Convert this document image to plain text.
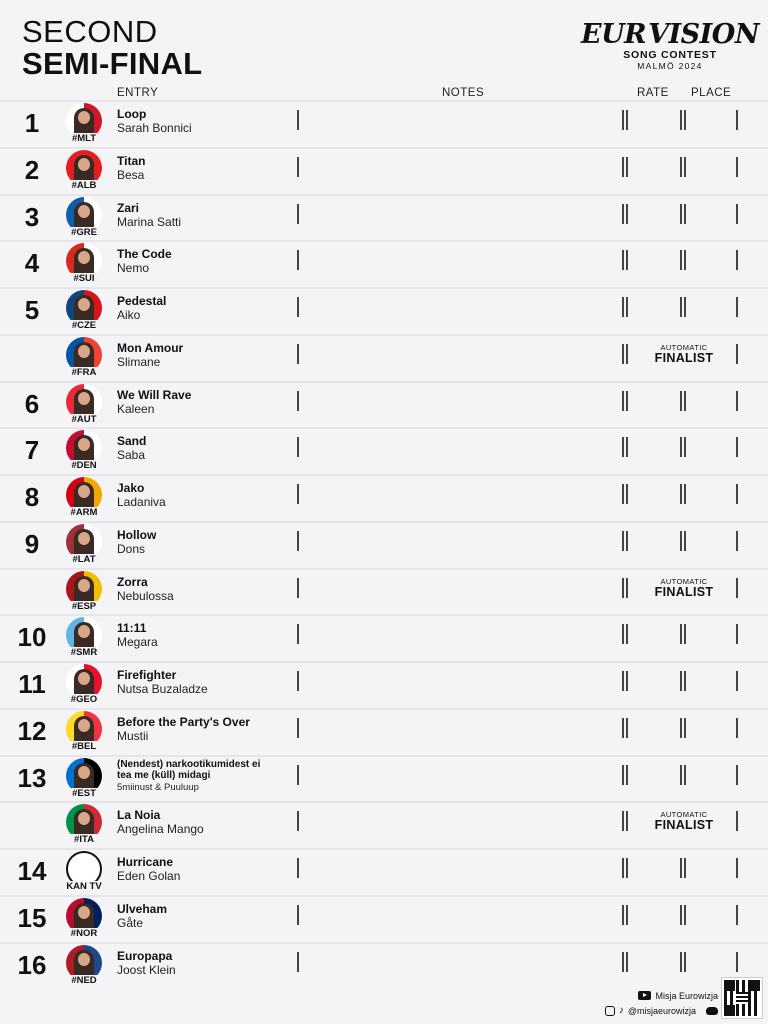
SECOND
SEMI-FINAL
EUR VISION
SONG CONTEST
MALMÖ 2024
ENTRY	NOTES	RATE PLACE
1
#MLT
Loop
Sarah Bonnici
2
#ALB
Titan
Besa
3
#GRE
Zari
Marina Satti
4
#SUI
The Code
Nemo
5
#CZE
Pedestal
Aiko
#FRA
Mon Amour
Slimane
AUTOMATIC
FINALIST
6
#AUT
We Will Rave
Kaleen
7
#DEN
Sand
Saba
8
#ARM
Jako
Ladaniva
9
#LAT
Hollow
Dons
#ESP
Zorra
Nebulossa
AUTOMATIC
FINALIST
10
#SMR
11:11
Megara
11
#GEO
Firefighter
Nutsa Buzaladze
12
#BEL
Before the Party's Over
Mustii
13
#EST
(Nendest) narkootikumidest ei tea me (küll) midagi
5miinust & Puuluup
#ITA
La Noia
Angelina Mango
AUTOMATIC
FINALIST
14
KAN TV
Hurricane
Eden Golan
15
#NOR
Ulveham
Gåte
16
#NED
Europapa
Joost Klein
Misja Eurowizja
♪ @misjaeurowizja
